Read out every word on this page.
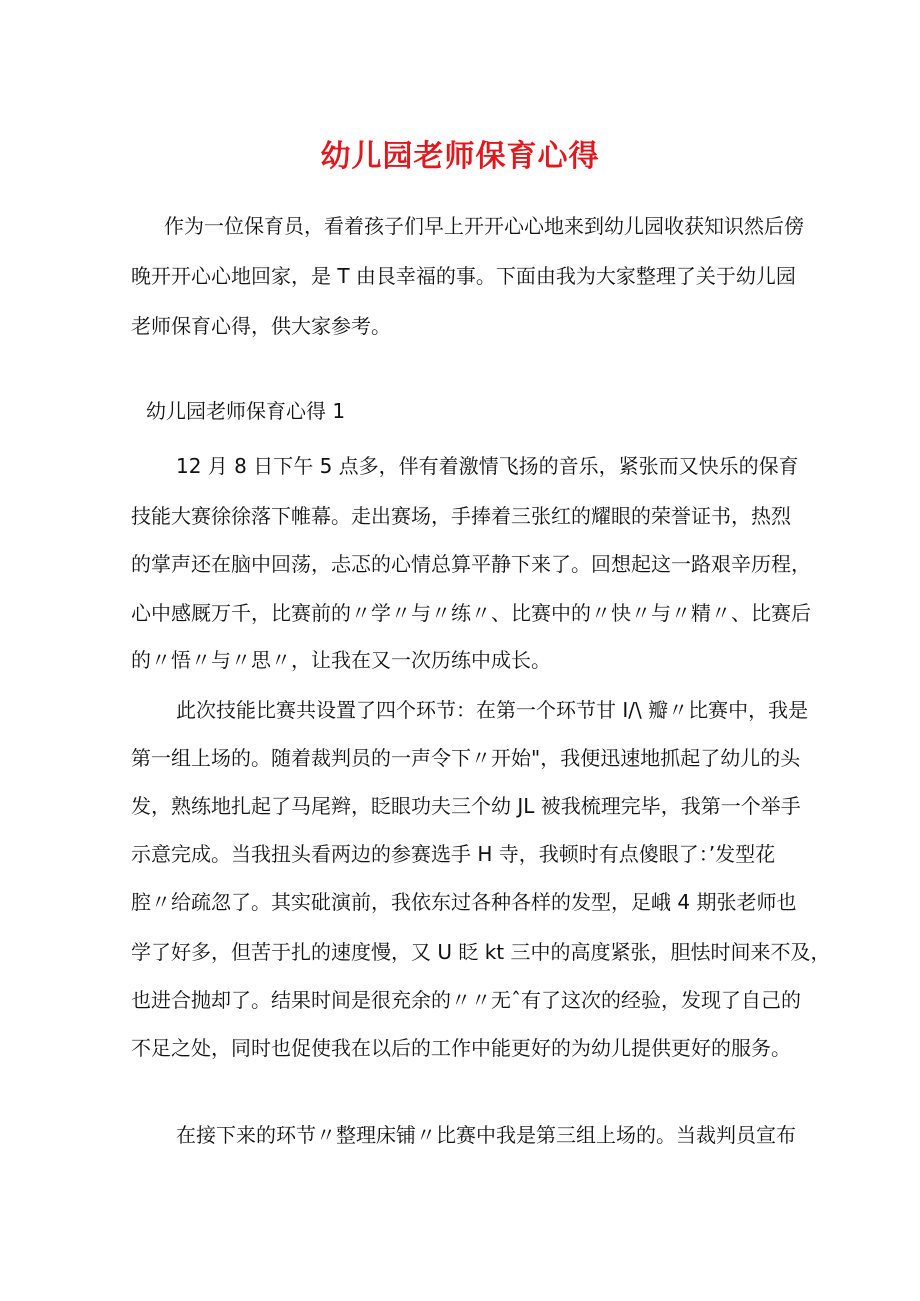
幼儿园老师保育心得

作为一位保育员，看着孩子们早上开开心心地来到幼儿园收获知识然后傍

晚开开心心地回家，是 T 由艮幸福的事。下面由我为大家整理了关于幼儿园

老师保育心得，供大家参考。

幼儿园老师保育心得 1

12 月 8 日下午 5 点多，伴有着激情飞扬的音乐，紧张而又快乐的保育

技能大赛徐徐落下帷幕。走出赛场，手捧着三张红的耀眼的荣誉证书，热烈

的掌声还在脑中回荡，忐忑的心情总算平静下来了。回想起这一路艰辛历程，

心中感厩万千，比赛前的〃学〃与〃练〃、比赛中的〃快〃与〃精〃、比赛后

的〃悟〃与〃思〃，让我在又一次历练中成长。

此次技能比赛共设置了四个环节：在第一个环节甘 I/\ 瓣〃比赛中，我是

第一组上场的。随着裁判员的一声令下〃开始"，我便迅速地抓起了幼儿的头

发，熟练地扎起了马尾辫，眨眼功夫三个幼 JL 被我梳理完毕，我第一个举手

示意完成。当我扭头看两边的参赛选手 H 寺，我顿时有点傻眼了：’发型花

腔〃给疏忽了。其实砒演前，我依东过各种各样的发型，足峨 4 期张老师也

学了好多，但苦于扎的速度慢，又 U 眨 kt 三中的高度紧张，胆怯时间来不及，

也进合抛却了。结果时间是很充余的〃〃无ˆ有了这次的经验，发现了自己的

不足之处，同时也促使我在以后的工作中能更好的为幼儿提供更好的服务。

在接下来的环节〃整理床铺〃比赛中我是第三组上场的。当裁判员宣布
